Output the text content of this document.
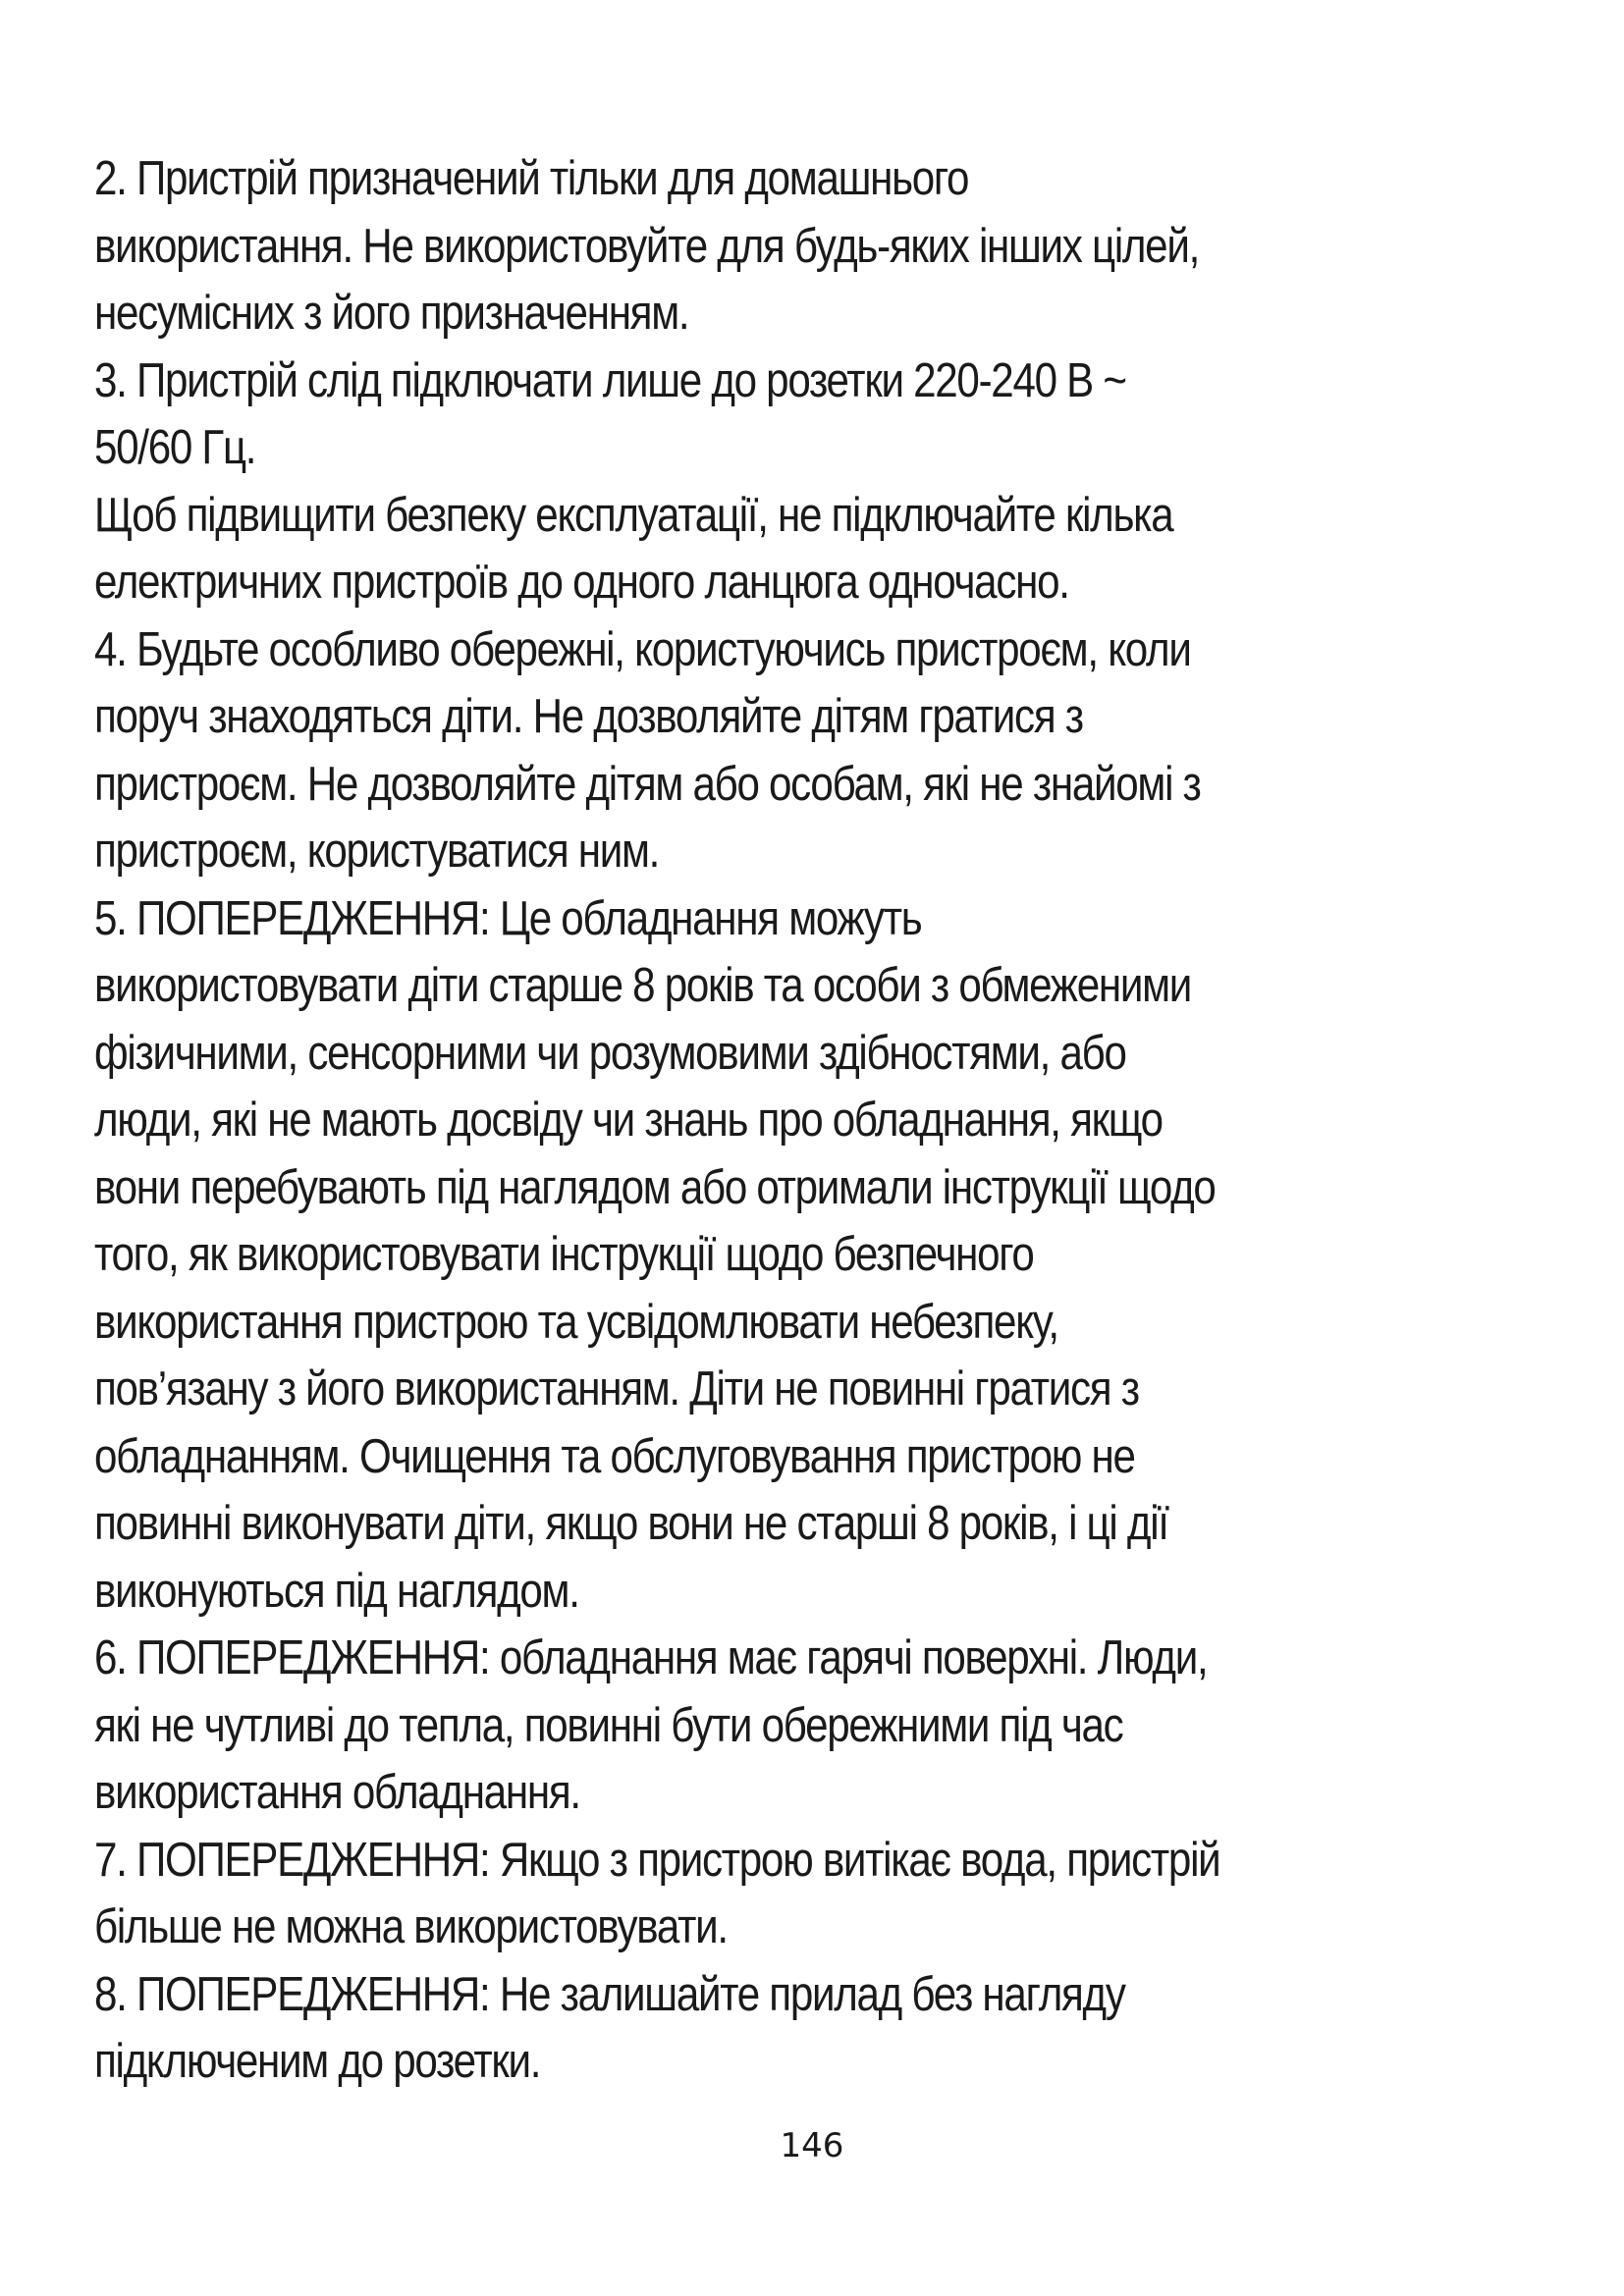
2. Пристрій призначений тільки для домашнього
використання. Не використовуйте для будь-яких інших цілей,
несумісних з його призначенням.
3. Пристрій слід підключати лише до розетки 220-240 В ~
50/60 Гц.
Щоб підвищити безпеку експлуатації, не підключайте кілька
електричних пристроїв до одного ланцюга одночасно.
4. Будьте особливо обережні, користуючись пристроєм, коли
поруч знаходяться діти. Не дозволяйте дітям гратися з
пристроєм. Не дозволяйте дітям або особам, які не знайомі з
пристроєм, користуватися ним.
5. ПОПЕРЕДЖЕННЯ: Це обладнання можуть
використовувати діти старше 8 років та особи з обмеженими
фізичними, сенсорними чи розумовими здібностями, або
люди, які не мають досвіду чи знань про обладнання, якщо
вони перебувають під наглядом або отримали інструкції щодо
того, як використовувати інструкції щодо безпечного
використання пристрою та усвідомлювати небезпеку,
пов’язану з його використанням. Діти не повинні гратися з
обладнанням. Очищення та обслуговування пристрою не
повинні виконувати діти, якщо вони не старші 8 років, і ці дії
виконуються під наглядом.
6. ПОПЕРЕДЖЕННЯ: обладнання має гарячі поверхні. Люди,
які не чутливі до тепла, повинні бути обережними під час
використання обладнання.
7. ПОПЕРЕДЖЕННЯ: Якщо з пристрою витікає вода, пристрій
більше не можна використовувати.
8. ПОПЕРЕДЖЕННЯ: Не залишайте прилад без нагляду
підключеним до розетки.
146
